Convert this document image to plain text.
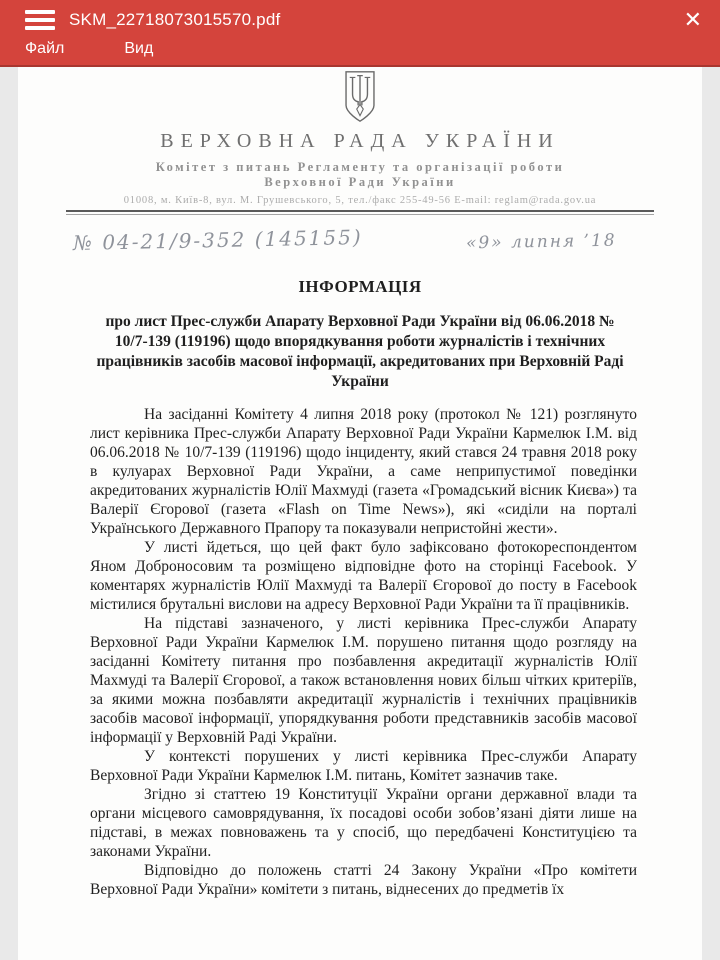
SKM_22718073015570.pdf	✕
Файл	Вид
ВЕРХОВНА РАДА УКРАЇНИ
Комітет з питань Регламенту та організації роботи
Верховної Ради України
01008, м. Київ-8, вул. М. Грушевського, 5, тел./факс 255-49-56 E-mail: reglam@rada.gov.ua
№ 04-21/9-352 (145155)	«9» липня ’18
ІНФОРМАЦІЯ
про лист Прес-служби Апарату Верховної Ради України від 06.06.2018 № 10/7-139 (119196) щодо впорядкування роботи журналістів і технічних працівників засобів масової інформації, акредитованих при Верховній Раді України

На засіданні Комітету 4 липня 2018 року (протокол № 121) розглянуто лист керівника Прес-служби Апарату Верховної Ради України Кармелюк І.М. від 06.06.2018 № 10/7-139 (119196) щодо інциденту, який стався 24 травня 2018 року в кулуарах Верховної Ради України, а саме неприпустимої поведінки акредитованих журналістів Юлії Махмуді (газета «Громадський вісник Києва») та Валерії Єгорової (газета «Flash on Time News»), які «сиділи на порталі Українського Державного Прапору та показували непристойні жести».

У листі йдеться, що цей факт було зафіксовано фотокореспондентом Яном Доброносовим та розміщено відповідне фото на сторінці Facebook. У коментарях журналістів Юлії Махмуді та Валерії Єгорової до посту в Facebook містилися брутальні вислови на адресу Верховної Ради України та її працівників.

На підставі зазначеного, у листі керівника Прес-служби Апарату Верховної Ради України Кармелюк І.М. порушено питання щодо розгляду на засіданні Комітету питання про позбавлення акредитації журналістів Юлії Махмуді та Валерії Єгорової, а також встановлення нових більш чітких критеріїв, за якими можна позбавляти акредитації журналістів і технічних працівників засобів масової інформації, упорядкування роботи представників засобів масової інформації у Верховній Раді України.

У контексті порушених у листі керівника Прес-служби Апарату Верховної Ради України Кармелюк І.М. питань, Комітет зазначив таке.

Згідно зі статтею 19 Конституції України органи державної влади та органи місцевого самоврядування, їх посадові особи зобов’язані діяти лише на підставі, в межах повноважень та у спосіб, що передбачені Конституцією та законами України.

Відповідно до положень статті 24 Закону України «Про комітети Верховної Ради України» комітети з питань, віднесених до предметів їх
